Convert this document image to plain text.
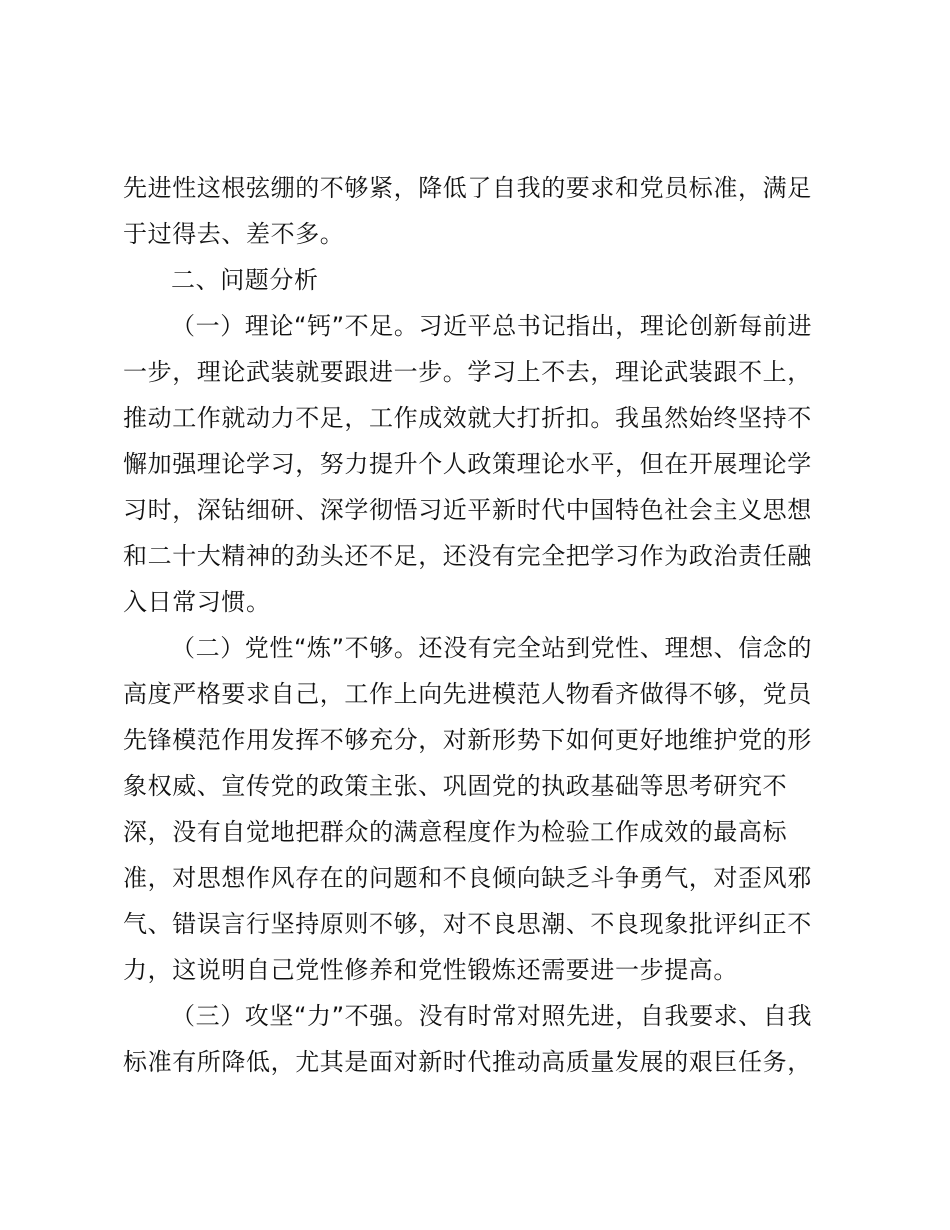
先进性这根弦绷的不够紧，降低了自我的要求和党员标准，满足
于过得去、差不多。
二、问题分析
（一）理论“钙”不足。习近平总书记指出，理论创新每前进
一步，理论武装就要跟进一步。学习上不去，理论武装跟不上，
推动工作就动力不足，工作成效就大打折扣。我虽然始终坚持不
懈加强理论学习，努力提升个人政策理论水平，但在开展理论学
习时，深钻细研、深学彻悟习近平新时代中国特色社会主义思想
和二十大精神的劲头还不足，还没有完全把学习作为政治责任融
入日常习惯。
（二）党性“炼”不够。还没有完全站到党性、理想、信念的
高度严格要求自己，工作上向先进模范人物看齐做得不够，党员
先锋模范作用发挥不够充分，对新形势下如何更好地维护党的形
象权威、宣传党的政策主张、巩固党的执政基础等思考研究不
深，没有自觉地把群众的满意程度作为检验工作成效的最高标
准，对思想作风存在的问题和不良倾向缺乏斗争勇气，对歪风邪
气、错误言行坚持原则不够，对不良思潮、不良现象批评纠正不
力，这说明自己党性修养和党性锻炼还需要进一步提高。
（三）攻坚“力”不强。没有时常对照先进，自我要求、自我
标准有所降低，尤其是面对新时代推动高质量发展的艰巨任务，
